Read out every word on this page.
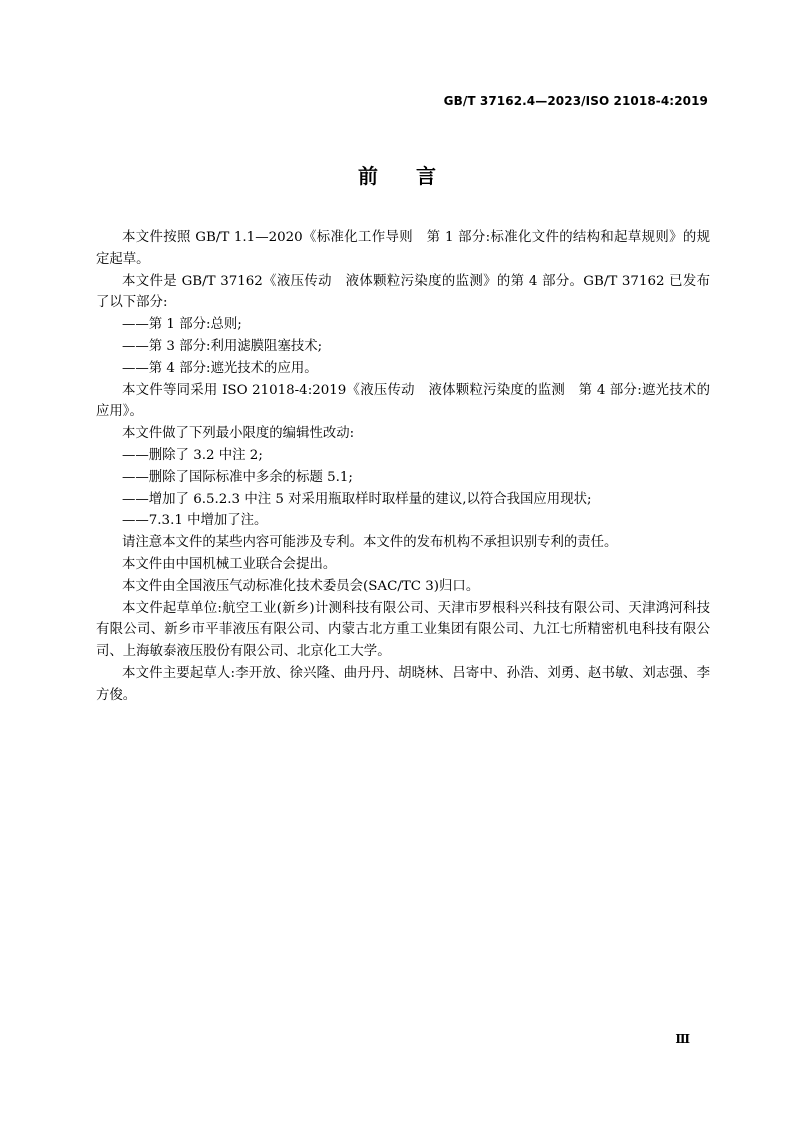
GB/T 37162.4—2023/ISO 21018-4:2019
前言

本文件按照 GB/T 1.1—2020《标准化工作导则　第 1 部分:标准化文件的结构和起草规则》的规定起草。

本文件是 GB/T 37162《液压传动　液体颗粒污染度的监测》的第 4 部分。GB/T 37162 已发布了以下部分:

——第 1 部分:总则;

——第 3 部分:利用滤膜阻塞技术;

——第 4 部分:遮光技术的应用。

本文件等同采用 ISO 21018-4:2019《液压传动　液体颗粒污染度的监测　第 4 部分:遮光技术的应用》。

本文件做了下列最小限度的编辑性改动:

——删除了 3.2 中注 2;

——删除了国际标准中多余的标题 5.1;

——增加了 6.5.2.3 中注 5 对采用瓶取样时取样量的建议,以符合我国应用现状;

——7.3.1 中增加了注。

请注意本文件的某些内容可能涉及专利。本文件的发布机构不承担识别专利的责任。

本文件由中国机械工业联合会提出。

本文件由全国液压气动标准化技术委员会(SAC/TC 3)归口。

本文件起草单位:航空工业(新乡)计测科技有限公司、天津市罗根科兴科技有限公司、天津鸿河科技有限公司、新乡市平菲液压有限公司、内蒙古北方重工业集团有限公司、九江七所精密机电科技有限公司、上海敏泰液压股份有限公司、北京化工大学。

本文件主要起草人:李开放、徐兴隆、曲丹丹、胡晓林、吕寄中、孙浩、刘勇、赵书敏、刘志强、李方俊。

Ⅲ
